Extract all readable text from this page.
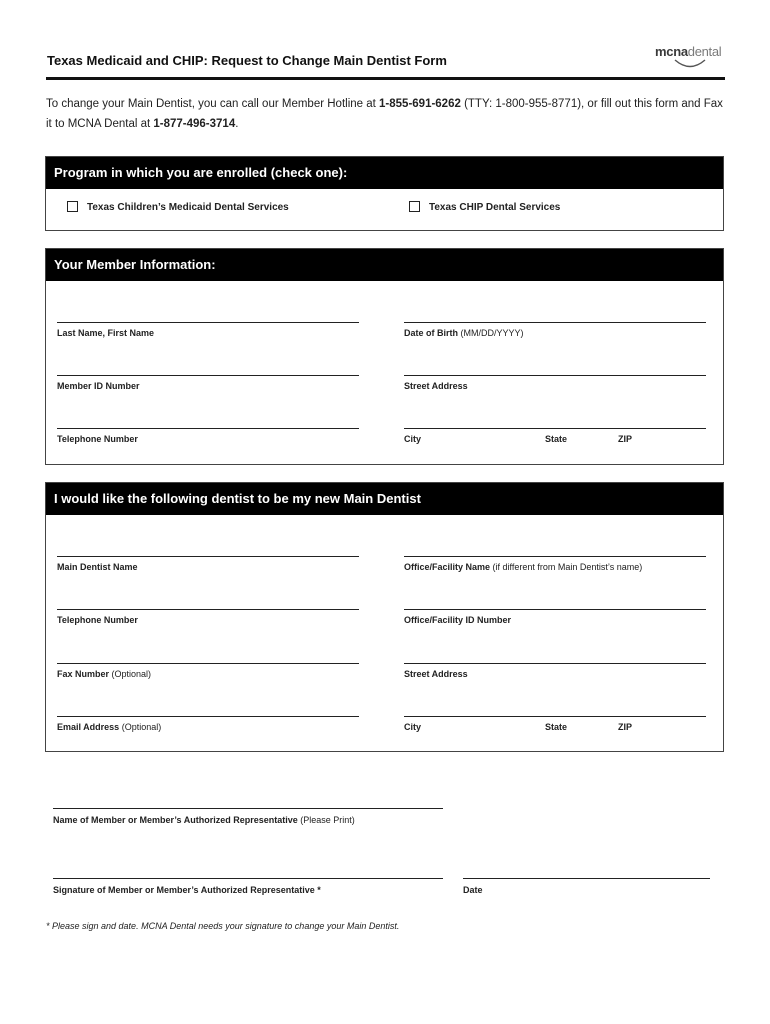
Texas Medicaid and CHIP: Request to Change Main Dentist Form
mcnadental
To change your Main Dentist, you can call our Member Hotline at 1-855-691-6262 (TTY: 1-800-955-8771), or fill out this form and Fax it to MCNA Dental at 1-877-496-3714.
Program in which you are enrolled (check one):
Texas Children’s Medicaid Dental Services	Texas CHIP Dental Services
Your Member Information:
Last Name, First Name	Date of Birth (MM/DD/YYYY)
Member ID Number	Street Address
Telephone Number	City	State	ZIP
I would like the following dentist to be my new Main Dentist
Main Dentist Name	Office/Facility Name (if different from Main Dentist’s name)
Telephone Number	Office/Facility ID Number
Fax Number (Optional)	Street Address
Email Address (Optional)	City	State	ZIP
Name of Member or Member’s Authorized Representative (Please Print)
Signature of Member or Member’s Authorized Representative *	Date
* Please sign and date. MCNA Dental needs your signature to change your Main Dentist.
